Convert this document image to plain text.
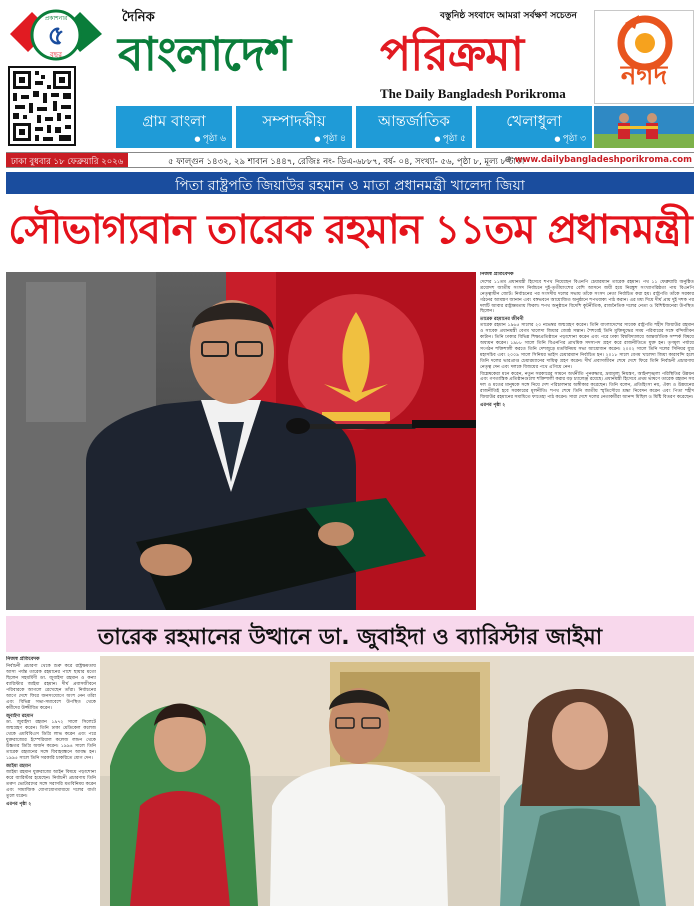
৫
বছর
প্রকাশনার	দৈনিক	বস্তুনিষ্ঠ সংবাদে আমরা সর্বক্ষণ সচেতন
বাংলাদেশ পরিক্রমা
The Daily Bangladesh Porikroma
নগদ
গ্রাম বাংলা
● পৃষ্ঠা ৬
সম্পাদকীয়
● পৃষ্ঠা ৪
আন্তর্জাতিক
● পৃষ্ঠা ৫
খেলাধুলা
● পৃষ্ঠা ৩
ঢাকা বুধবার ১৮ ফেব্রুয়ারি ২০২৬	৫ ফাল্গুন ১৪৩২, ২৯ শাবান ১৪৪৭, রেজিঃ নং- ডিএ-৬৮৮৭, বর্ষ- ০৪, সংখ্যা- ৫৬, পৃষ্ঠা ৮, মূল্য ৮ টাকা
⊕ www.dailybangladeshporikroma.com
পিতা রাষ্ট্রপতি জিয়াউর রহমান ও মাতা প্রধানমন্ত্রী খালেদা জিয়া
সৌভাগ্যবান তারেক রহমান ১১তম প্রধানমন্ত্রী
নিজস্ব প্রতিবেদক

দেশের ১১তম প্রধানমন্ত্রী হিসেবে শপথ নিয়েছেন বিএনপি চেয়ারম্যান তারেক রহমান। পথ ১১ ফেব্রুয়ারি অনুষ্ঠিত ত্রয়োদশ জাতীয় সংসদ নির্বাচনে দুই-তৃতীয়াংশের বেশি আসনে জয়ী হয়ে নিরঙ্কুশ সংখ্যাগরিষ্ঠতা পায় বিএনপি নেতৃত্বাধীন জোট। নির্বাচনের পর সংসদীয় দলের সভায় তাঁকে সংসদ নেতা নির্বাচিত করা হয়। রাষ্ট্রপতি তাঁকে সরকার গঠনের আমন্ত্রণ জানান এবং বঙ্গভবনে আয়োজিত অনুষ্ঠানে শপথবাক্য পাঠ করান। এর মধ্য দিয়ে দীর্ঘ প্রায় দুই দশক পর দলটি আবার রাষ্ট্রক্ষমতায় ফিরল। শপথ অনুষ্ঠানে বিদেশি কূটনীতিক, রাজনৈতিক দলের নেতা ও বিশিষ্টজনেরা উপস্থিত ছিলেন।

তারেক রহমানের জীবনী

তারেক রহমান ১৯৬৫ সালের ২০ নভেম্বর জন্মগ্রহণ করেন। তিনি বাংলাদেশের সাবেক রাষ্ট্রপতি শহীদ জিয়াউর রহমান ও সাবেক প্রধানমন্ত্রী বেগম খালেদা জিয়ার জ্যেষ্ঠ সন্তান। শৈশবেই তিনি মুক্তিযুদ্ধের সময় পরিবারের সঙ্গে বন্দিজীবন কাটান। তিনি ঢাকার বিভিন্ন শিক্ষাপ্রতিষ্ঠানে পড়াশোনা করেন এবং পরে ঢাকা বিশ্ববিদ্যালয়ে আন্তর্জাতিক সম্পর্ক বিষয়ে অধ্যয়ন করেন। ১৯৮৮ সালে তিনি বিএনপির প্রাথমিক সদস্যপদ গ্রহণ করে রাজনীতিতে যুক্ত হন। তৃণমূল পর্যায়ে সংগঠন শক্তিশালী করতে তিনি দেশজুড়ে মতবিনিময় সভা আয়োজন করেন। ২০০২ সালে তিনি দলের সিনিয়র যুগ্ম মহাসচিব এবং ২০০৯ সালে সিনিয়র ভাইস চেয়ারম্যান নির্বাচিত হন। ২০১৮ সালে বেগম খালেদা জিয়া কারাবন্দি হলে তিনি দলের ভারপ্রাপ্ত চেয়ারম্যানের দায়িত্ব গ্রহণ করেন। দীর্ঘ প্রবাসজীবন শেষে দেশে ফিরে তিনি নির্বাচনী প্রচারণায় নেতৃত্ব দেন এবং দলকে বিজয়ের পথে এগিয়ে নেন।

বিশ্লেষকেরা মনে করেন, নতুন সরকারের সামনে অর্থনীতি পুনরুদ্ধার, দ্রব্যমূল্য নিয়ন্ত্রণ, আইনশৃঙ্খলা পরিস্থিতির উন্নয়ন এবং গণতান্ত্রিক প্রতিষ্ঠানগুলো শক্তিশালী করার বড় চ্যালেঞ্জ রয়েছে। প্রধানমন্ত্রী হিসেবে প্রথম ভাষণে তারেক রহমান সব দল ও মতের মানুষকে সঙ্গে নিয়ে দেশ পরিচালনার অঙ্গীকার করেছেন। তিনি বলেন, প্রতিহিংসা নয়, ঐক্য ও উন্নয়নের রাজনীতিই হবে সরকারের মূলনীতি। শপথ শেষে তিনি জাতীয় স্মৃতিসৌধে শ্রদ্ধা নিবেদন করেন এবং পিতা শহীদ জিয়াউর রহমানের সমাধিতে ফাতেহা পাঠ করেন। সারা দেশে দলের নেতাকর্মীরা আনন্দ মিছিল ও মিষ্টি বিতরণ করেছেন।

এরপর পৃষ্ঠা ২
তারেক রহমানের উত্থানে ডা. জুবাইদা ও ব্যারিস্টার জাইমা
নিজস্ব প্রতিবেদক

নির্বাচনী প্রচারণা থেকে শুরু করে রাষ্ট্রক্ষমতায় আসা পর্যন্ত তারেক রহমানের পাশে ছায়ার মতো ছিলেন সহধর্মিণী ডা. জুবাইদা রহমান ও কন্যা ব্যারিস্টার জাইমা রহমান। দীর্ঘ প্রবাসজীবনে পরিবারকে আগলে রেখেছেন তাঁরা। নির্বাচনের আগে দেশে ফিরে জনসংযোগে অংশ নেন তাঁরা এবং বিভিন্ন সভা-সমাবেশে উপস্থিত থেকে কর্মীদের উজ্জীবিত করেন।

জুবাইদা রহমান

ডা. জুবাইদা রহমান ১৯৭২ সালে সিলেটে জন্মগ্রহণ করেন। তিনি ঢাকা মেডিকেল কলেজ থেকে এমবিবিএস ডিগ্রি লাভ করেন এবং পরে যুক্তরাজ্যের ইম্পেরিয়াল কলেজ লন্ডন থেকে উচ্চতর ডিগ্রি অর্জন করেন। ১৯৯৪ সালে তিনি তারেক রহমানের সঙ্গে বিবাহবন্ধনে আবদ্ধ হন। ১৯৯৫ সালে তিনি সরকারি চাকরিতে যোগ দেন।

জাইমা রহমান

জাইমা রহমান যুক্তরাজ্যে আইন বিষয়ে পড়াশোনা করে ব্যারিস্টার হয়েছেন। নির্বাচনী প্রচারণায় তিনি তরুণ ভোটারদের সঙ্গে সরাসরি মতবিনিময় করেন এবং সামাজিক যোগাযোগমাধ্যমে দলের বার্তা তুলে ধরেন।

এরপর পৃষ্ঠা ২
